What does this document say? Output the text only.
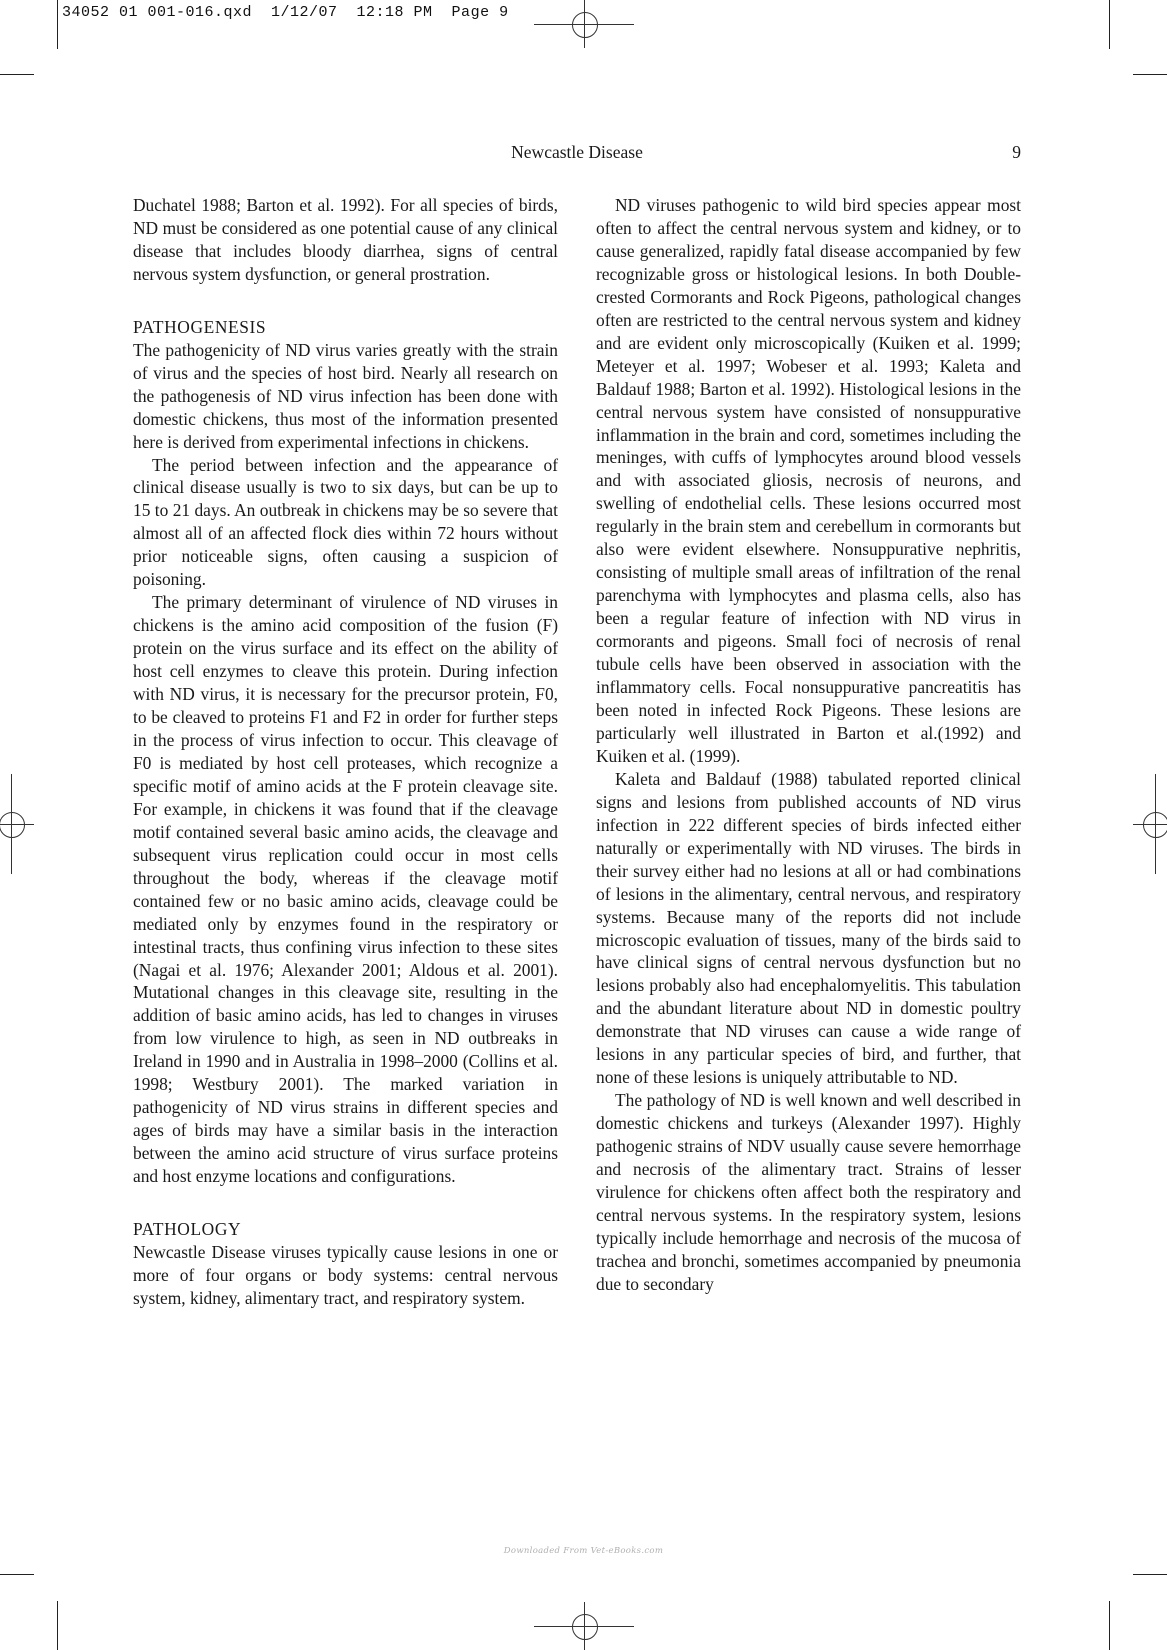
34052 01 001-016.qxd  1/12/07  12:18 PM  Page 9
Newcastle Disease	9

Duchatel 1988; Barton et al. 1992). For all species of birds, ND must be considered as one potential cause of any clinical disease that includes bloody diarrhea, signs of central nervous system dysfunction, or general prostration.

PATHOGENESIS

The pathogenicity of ND virus varies greatly with the strain of virus and the species of host bird. Nearly all research on the pathogenesis of ND virus infection has been done with domestic chickens, thus most of the information presented here is derived from experimental infections in chickens.

The period between infection and the appearance of clinical disease usually is two to six days, but can be up to 15 to 21 days. An outbreak in chickens may be so severe that almost all of an affected flock dies within 72 hours without prior noticeable signs, often causing a suspicion of poisoning.

The primary determinant of virulence of ND viruses in chickens is the amino acid composition of the fusion (F) protein on the virus surface and its effect on the ability of host cell enzymes to cleave this protein. During infection with ND virus, it is necessary for the precursor protein, F0, to be cleaved to proteins F1 and F2 in order for further steps in the process of virus infection to occur. This cleavage of F0 is mediated by host cell proteases, which recognize a specific motif of amino acids at the F protein cleavage site. For example, in chickens it was found that if the cleavage motif contained several basic amino acids, the cleavage and subsequent virus replication could occur in most cells throughout the body, whereas if the cleavage motif contained few or no basic amino acids, cleavage could be mediated only by enzymes found in the respiratory or intestinal tracts, thus confining virus infection to these sites (Nagai et al. 1976; Alexander 2001; Aldous et al. 2001). Mutational changes in this cleavage site, resulting in the addition of basic amino acids, has led to changes in viruses from low virulence to high, as seen in ND outbreaks in Ireland in 1990 and in Australia in 1998–2000 (Collins et al. 1998; Westbury 2001). The marked variation in pathogenicity of ND virus strains in different species and ages of birds may have a similar basis in the interaction between the amino acid structure of virus surface proteins and host enzyme locations and configurations.

PATHOLOGY

Newcastle Disease viruses typically cause lesions in one or more of four organs or body systems: central nervous system, kidney, alimentary tract, and respiratory system.

ND viruses pathogenic to wild bird species appear most often to affect the central nervous system and kidney, or to cause generalized, rapidly fatal disease accompanied by few recognizable gross or histological lesions. In both Double-crested Cormorants and Rock Pigeons, pathological changes often are restricted to the central nervous system and kidney and are evident only microscopically (Kuiken et al. 1999; Meteyer et al. 1997; Wobeser et al. 1993; Kaleta and Baldauf 1988; Barton et al. 1992). Histological lesions in the central nervous system have consisted of nonsuppurative inflammation in the brain and cord, sometimes including the meninges, with cuffs of lymphocytes around blood vessels and with associated gliosis, necrosis of neurons, and swelling of endothelial cells. These lesions occurred most regularly in the brain stem and cerebellum in cormorants but also were evident elsewhere. Nonsuppurative nephritis, consisting of multiple small areas of infiltration of the renal parenchyma with lymphocytes and plasma cells, also has been a regular feature of infection with ND virus in cormorants and pigeons. Small foci of necrosis of renal tubule cells have been observed in association with the inflammatory cells. Focal nonsuppurative pancreatitis has been noted in infected Rock Pigeons. These lesions are particularly well illustrated in Barton et al.(1992) and Kuiken et al. (1999).

Kaleta and Baldauf (1988) tabulated reported clinical signs and lesions from published accounts of ND virus infection in 222 different species of birds infected either naturally or experimentally with ND viruses. The birds in their survey either had no lesions at all or had combinations of lesions in the alimentary, central nervous, and respiratory systems. Because many of the reports did not include microscopic evaluation of tissues, many of the birds said to have clinical signs of central nervous dysfunction but no lesions probably also had encephalomyelitis. This tabulation and the abundant literature about ND in domestic poultry demonstrate that ND viruses can cause a wide range of lesions in any particular species of bird, and further, that none of these lesions is uniquely attributable to ND.

The pathology of ND is well known and well described in domestic chickens and turkeys (Alexander 1997). Highly pathogenic strains of NDV usually cause severe hemorrhage and necrosis of the alimentary tract. Strains of lesser virulence for chickens often affect both the respiratory and central nervous systems. In the respiratory system, lesions typically include hemorrhage and necrosis of the mucosa of trachea and bronchi, sometimes accompanied by pneumonia due to secondary

Downloaded From Vet-eBooks.com
